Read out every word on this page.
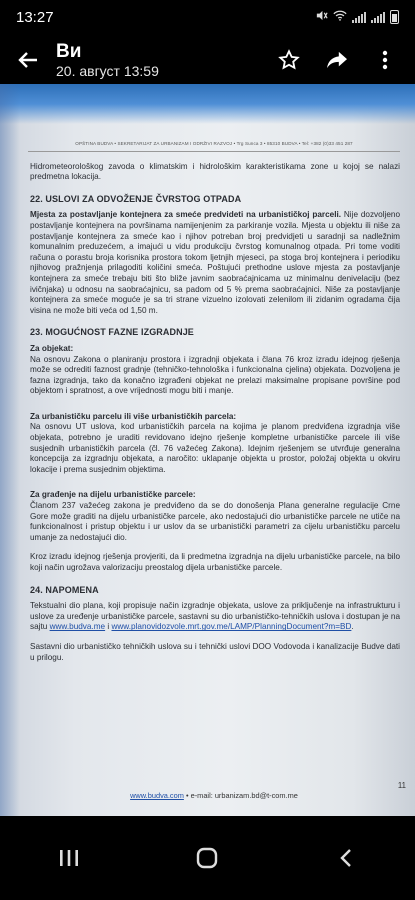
13:27
Ви
20. август 13:59
OPŠTINA BUDVA • SEKRETARIJAT ZA URBANIZAM I ODRŽIVI RAZVOJ • Trg Sunca 3 • 85310 BUDVA • Tel: +382 (0)33 451 287

Hidrometeorološkog zavoda o klimatskim i hidrološkim karakteristikama zone u kojoj se nalazi predmetna lokacija.

22. USLOVI ZA ODVOŽENJE ČVRSTOG OTPADA

Mjesta za postavljanje kontejnera za smeće predvideti na urbanističkoj parceli. Nije dozvoljeno postavljanje kontejnera na površinama namijenjenim za parkiranje vozila. Mjesta u objektu ili niše za postavljanje kontejnera za smeće kao i njihov potreban broj predvidjeti u saradnji sa nadležnim komunalnim preduzećem, a imajući u vidu produkciju čvrstog komunalnog otpada. Pri tome voditi računa o porastu broja korisnika prostora tokom ljetnjih mjeseci, pa stoga broj kontejnera i periodiku njihovog pražnjenja prilagoditi količini smeća. Poštujući prethodne uslove mjesta za postavljanje kontejnera za smeće trebaju biti što bliže javnim saobraćajnicama uz minimalnu denivelaciju (bez ivičnjaka) u odnosu na saobraćajnicu, sa padom od 5 % prema saobraćajnici. Niše za postavljanje kontejnera za smeće moguće je sa tri strane vizuelno izolovati zelenilom ili zidanim ogradama čija visina ne može biti veća od 1,50 m.

23. MOGUĆNOST FAZNE IZGRADNJE
Za objekat:

Na osnovu Zakona o planiranju prostora i izgradnji objekata i člana 76 kroz izradu idejnog rješenja može se odrediti faznost gradnje (tehničko-tehnološka i funkcionalna cjelina) objekata. Dozvoljena je fazna izgradnja, tako da konačno izgrađeni objekat ne prelazi maksimalne propisane površine pod objektom i spratnost, a ove vrijednosti mogu biti i manje.

Za urbanističku parcelu ili više urbanističkih parcela:

Na osnovu UT uslova, kod urbanističkih parcela na kojima je planom predviđena izgradnja više objekata, potrebno je uraditi revidovano idejno rješenje kompletne urbanističke parcele ili više susjednih urbanističkih parcela (čl. 76 važećeg Zakona). Idejnim rješenjem se utvrđuje generalna koncepcija za izgradnju objekata, a naročito: uklapanje objekta u prostor, položaj objekta u okviru lokacije i prema susjednim objektima.

Za građenje na dijelu urbanističke parcele:

Članom 237 važećeg zakona je predviđeno da se do donošenja Plana generalne regulacije Crne Gore može graditi na dijelu urbanističke parcele, ako nedostajući dio urbanističke parcele ne utiče na funkcionalnost i pristup objektu i ur uslov da se urbanistički parametri za cijelu urbanističku parcelu umanje za nedostajući dio.

Kroz izradu idejnog rješenja provjeriti, da li predmetna izgradnja na dijelu urbanističke parcele, na bilo koji način ugrožava valorizaciju preostalog dijela urbanističke parcele.

24. NAPOMENA

Tekstualni dio plana, koji propisuje način izgradnje objekata, uslove za priključenje na infrastrukturu i uslove za uređenje urbanističke parcele, sastavni su dio urbanističko-tehničkih uslova i dostupan je na sajtu www.budva.me i www.planovidozvole.mrt.gov.me/LAMP/PlanningDocument?m=BD.

Sastavni dio urbanističko tehničkih uslova su i tehnički uslovi DOO Vodovoda i kanalizacije Budve dati u prilogu.

11
www.budva.com • e-mail: urbanizam.bd@t-com.me
